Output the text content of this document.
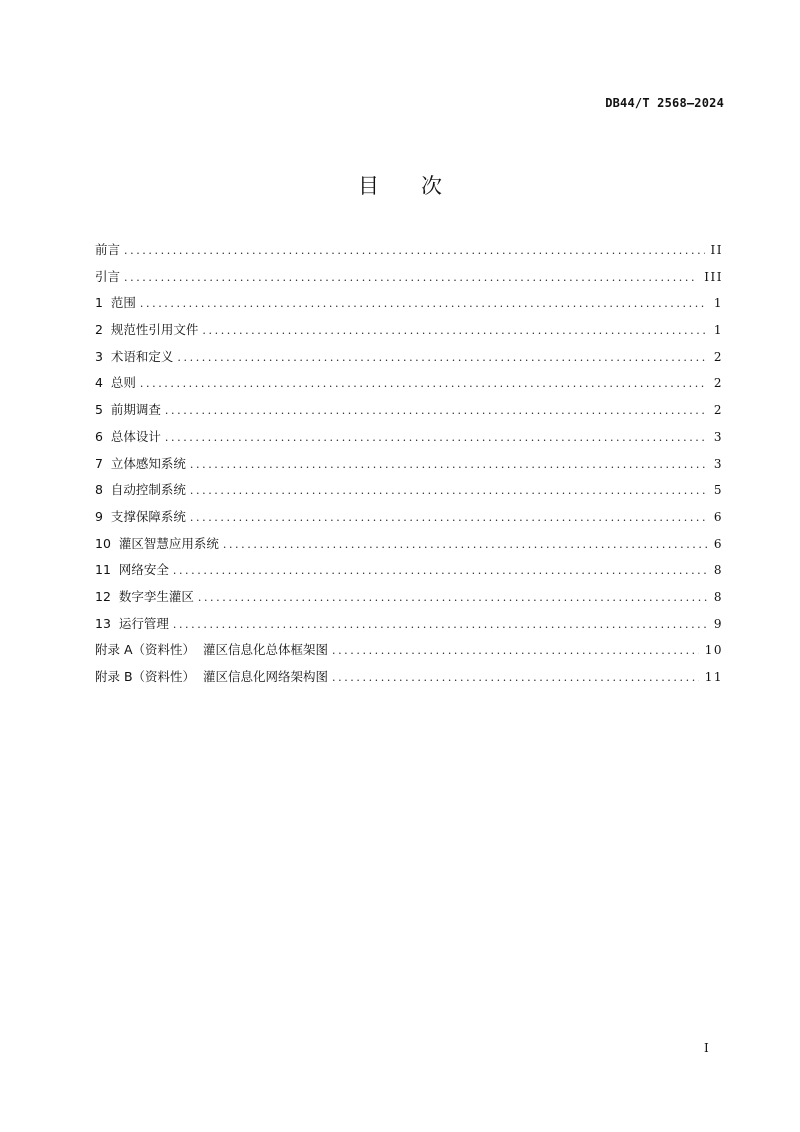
DB44/T 2568—2024
目次
前言 .....	II
引言 .....	III
1  范围 .....	1
2  规范性引用文件 .....	1
3  术语和定义 .....	2
4  总则 .....	2
5  前期调查 .....	2
6  总体设计 .....	3
7  立体感知系统 .....	3
8  自动控制系统 .....	5
9  支撑保障系统 .....	6
10  灌区智慧应用系统 .....	6
11  网络安全 .....	8
12  数字孪生灌区 .....	8
13  运行管理 .....	9
附录 A（资料性）  灌区信息化总体框架图 .....	10
附录 B（资料性）  灌区信息化网络架构图 .....	11
I
